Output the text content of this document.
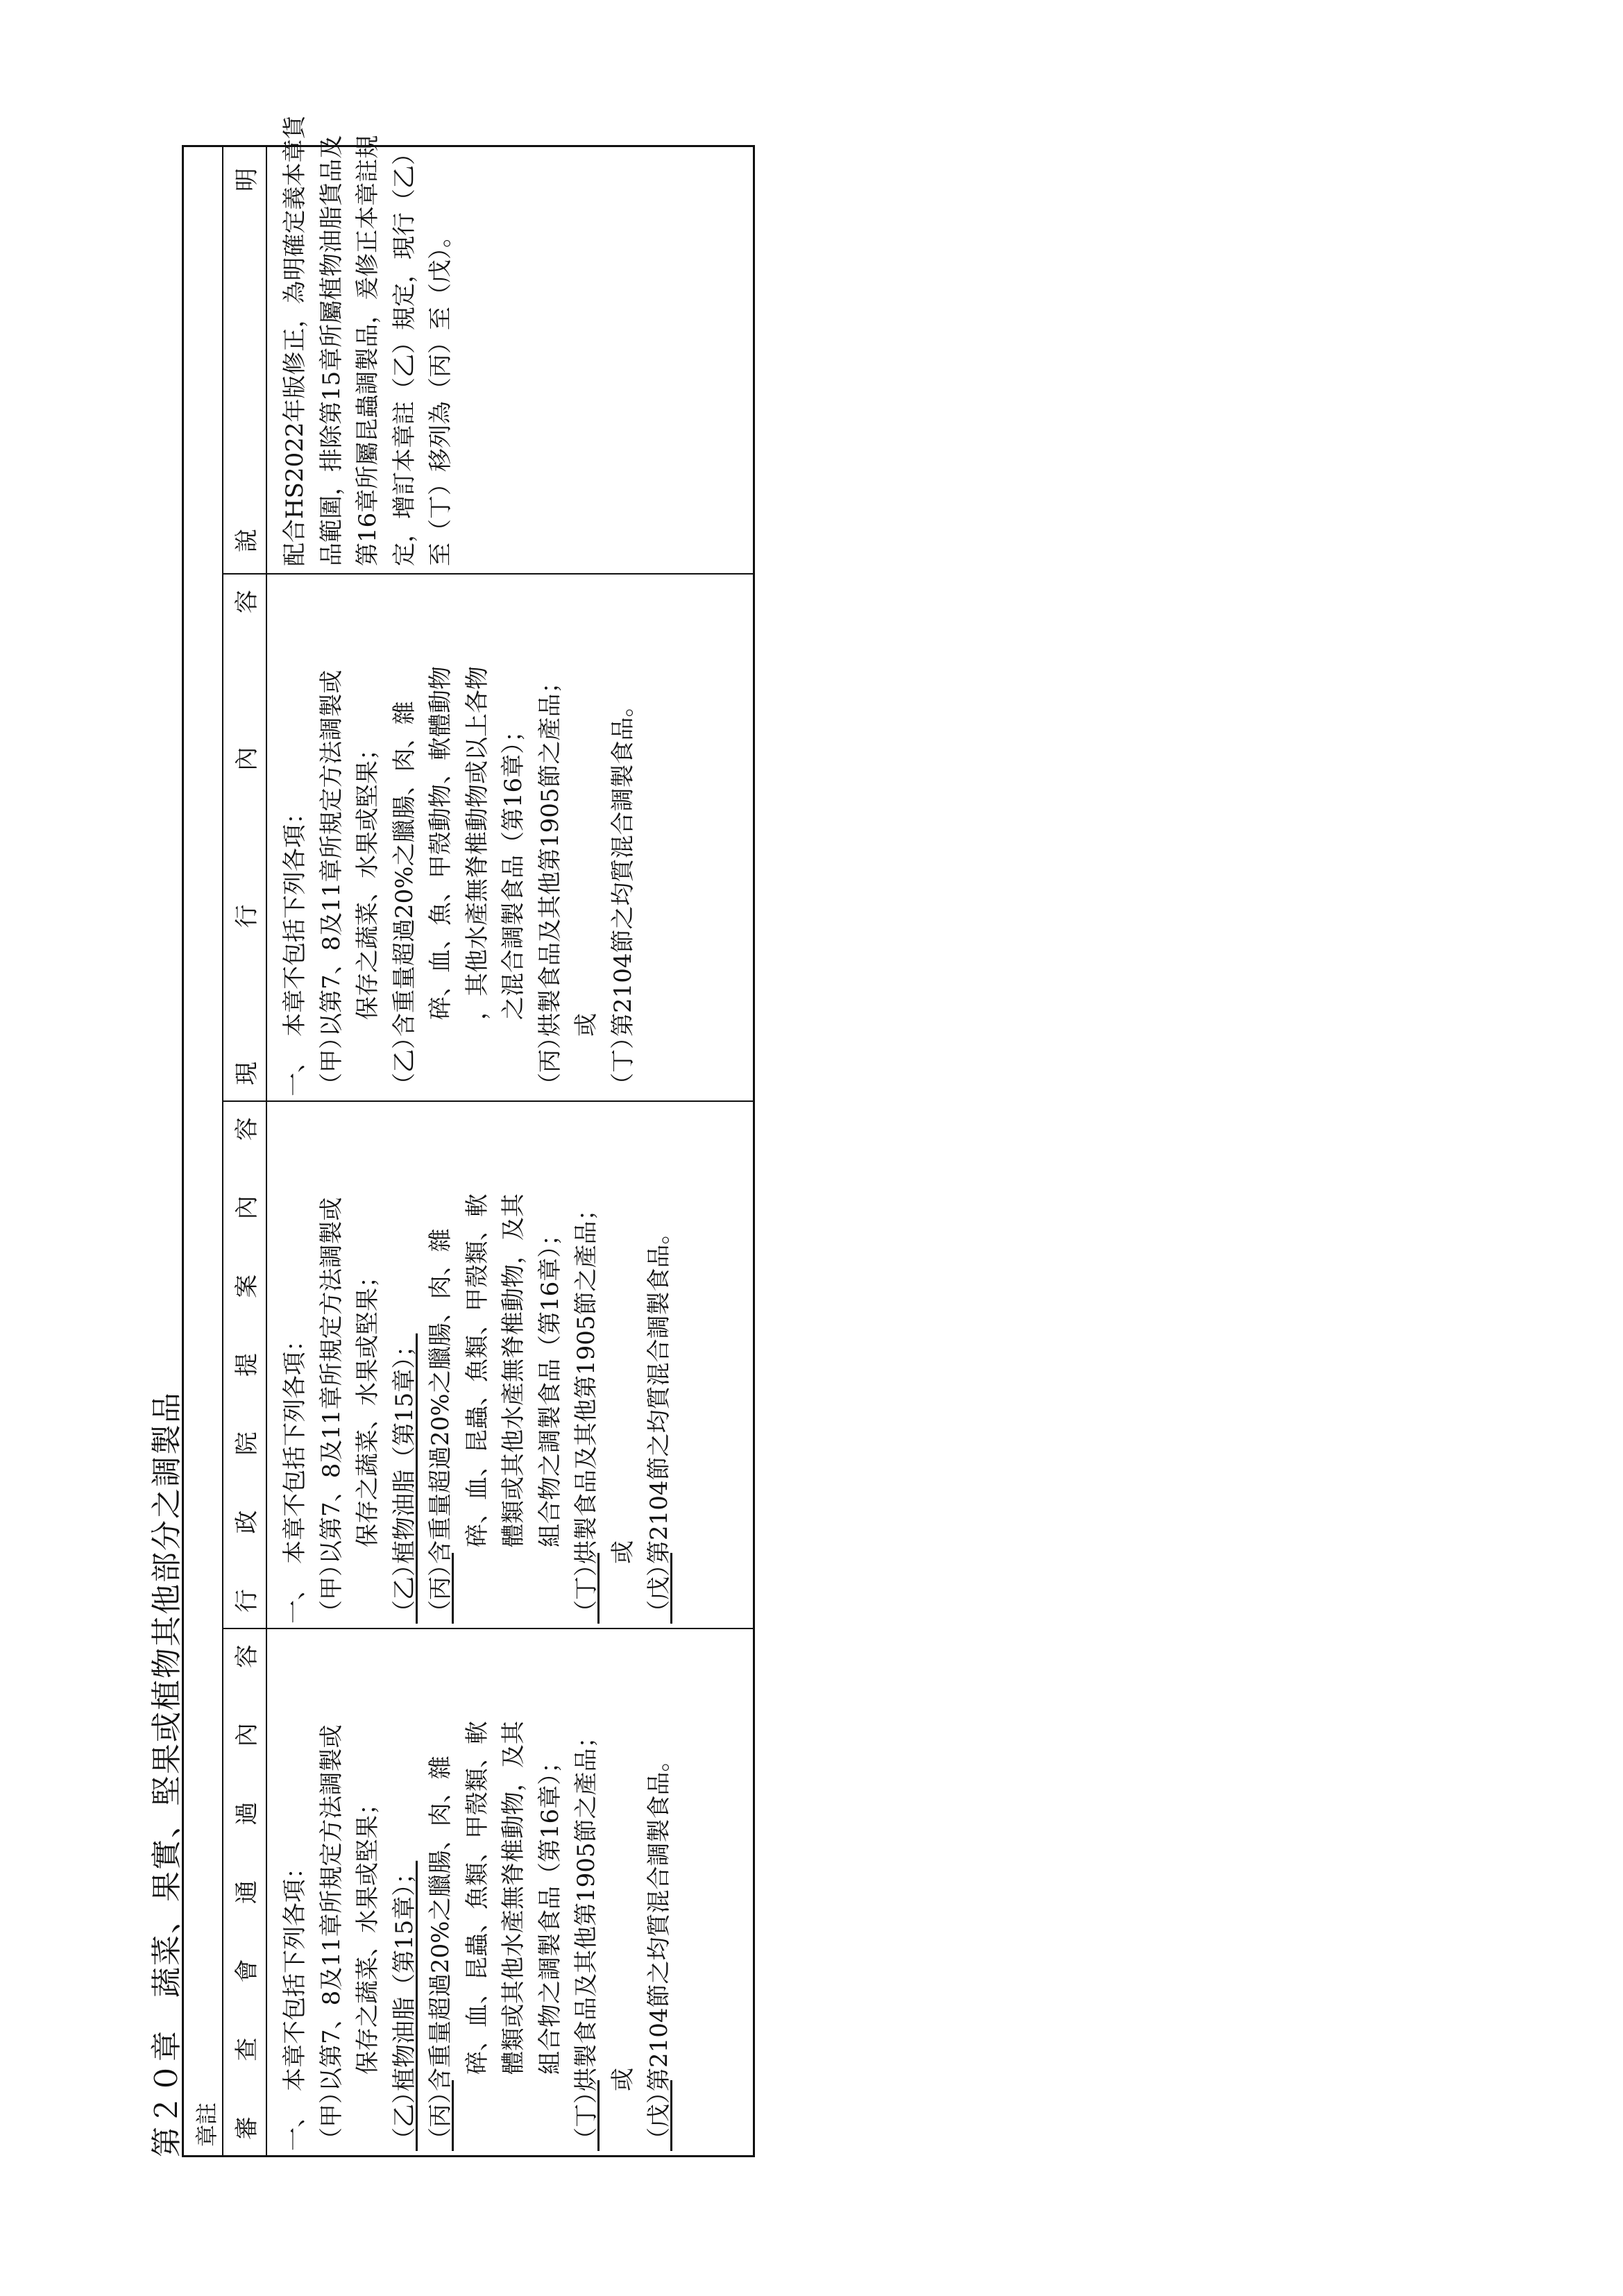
第２０章　蔬菜、果實、堅果或植物其他部分之調製品 章註 審
查
會
通
過
內
容
一、
本章不包括下列各項：
（甲）
以第7、8及11章所規定方法調製或 保存之蔬菜、水果或堅果；
（乙）
植物油脂（第15章）；
（丙）
含重量超過20%之臘腸、肉、雜 碎、血、昆蟲、魚類、甲殼類、軟 體類或其他水產無脊椎動物，及其 組合物之調製食品（第16章）；
（丁）
烘製食品及其他第1905節之產品； 或
（戊）
第2104節之均質混合調製食品。
行
政
院
提
案
內
容
一、
本章不包括下列各項：
（甲）
以第7、8及11章所規定方法調製或 保存之蔬菜、水果或堅果；
（乙）
植物油脂（第15章）；
（丙）
含重量超過20%之臘腸、肉、雜 碎、血、昆蟲、魚類、甲殼類、軟 體類或其他水產無脊椎動物，及其 組合物之調製食品（第16章）；
（丁）
烘製食品及其他第1905節之產品； 或
（戊）
第2104節之均質混合調製食品。
現
行
內
容
一、
本章不包括下列各項：
（甲）
以第7、8及11章所規定方法調製或 保存之蔬菜、水果或堅果；
（乙）
含重量超過20%之臘腸、肉、雜 碎、血、魚、甲殼動物、軟體動物 ，其他水產無脊椎動物或以上各物 之混合調製食品（第16章）；
（丙）
烘製食品及其他第1905節之產品； 或
（丁）
第2104節之均質混合調製食品。
說
明 配合HS2022年版修正，為明確定義本章貨 品範圍，排除第15章所屬植物油脂貨品及 第16章所屬昆蟲調製品，爰修正本章註規 定，增訂本章註（乙）規定，現行（乙） 至（丁）移列為（丙）至（戊）。
